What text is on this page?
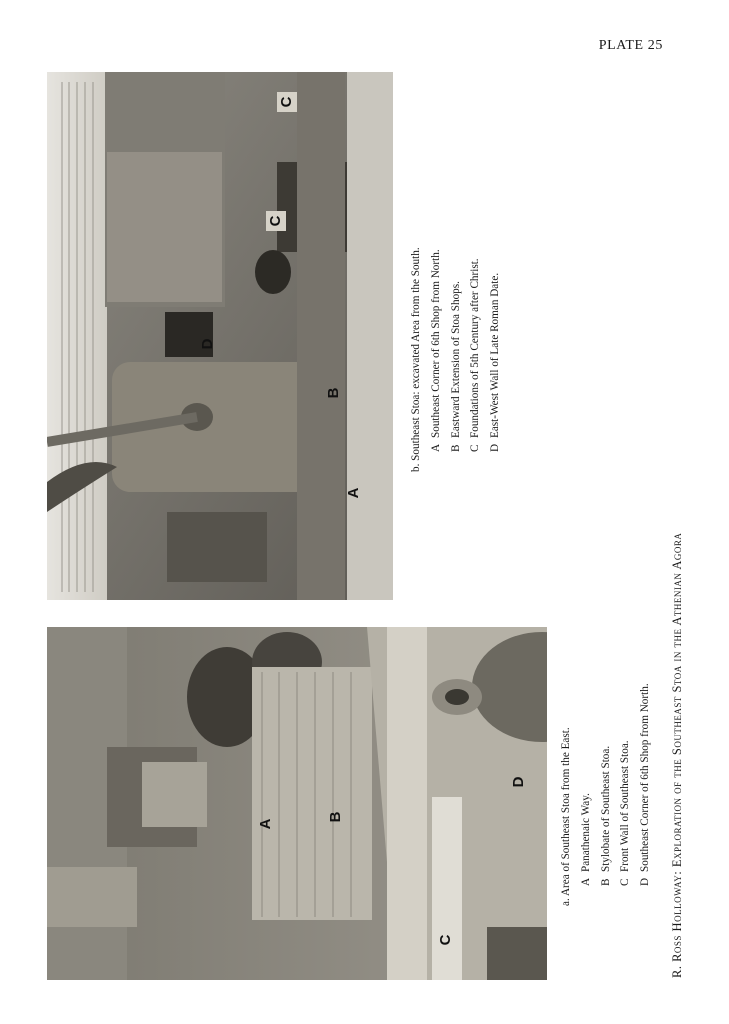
PLATE 25
A
B
C
C
D
A
B
C
D
b. Southeast Stoa: excavated Area from the South. ASoutheast Corner of 6th Shop from North.
BEastward Extension of Stoa Shops.
CFoundations of 5th Century after Christ.
DEast-West Wall of Late Roman Date.
a. Area of Southeast Stoa from the East. APanathenaic Way.
BStylobate of Southeast Stoa.
CFront Wall of Southeast Stoa.
DSoutheast Corner of 6th Shop from North.
R. Ross Holloway: Exploration of the Southeast Stoa in the Athenian Agora
